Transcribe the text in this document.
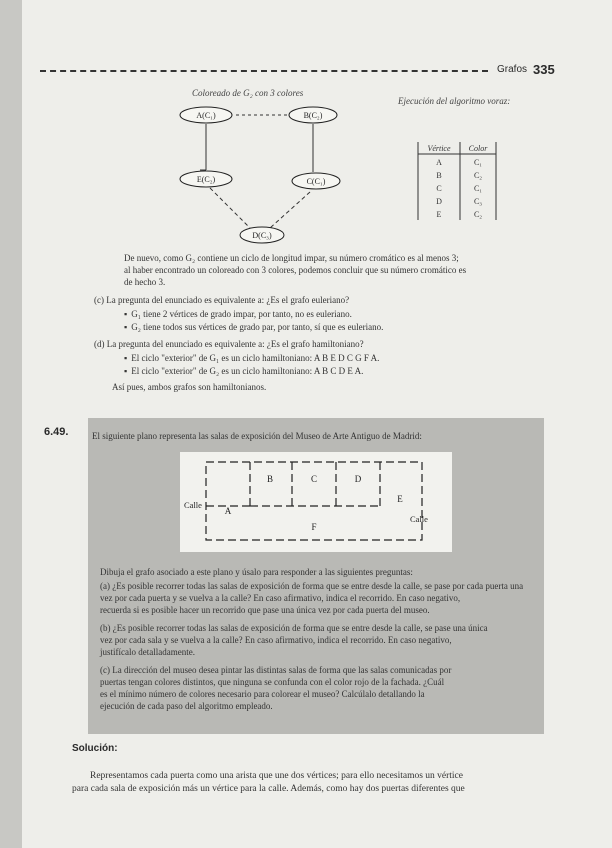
Grafos 335
Coloreado de G₂ con 3 colores
Ejecución del algoritmo voraz:
A(C₁)	B(C₂)
E(C₂)	C(C₁)
D(C₃)
Vértice Color
A	C₁
B	C₂
C	C₁
D	C₃
E	C₂
De nuevo, como G₂ contiene un ciclo de longitud impar, su número cromático es al menos 3;
al haber encontrado un coloreado con 3 colores, podemos concluir que su número cromático es
de hecho 3.
(c) La pregunta del enunciado es equivalente a: ¿Es el grafo euleriano?
▪ G₁ tiene 2 vértices de grado impar, por tanto, no es euleriano.
▪ G₂ tiene todos sus vértices de grado par, por tanto, sí que es euleriano.
(d) La pregunta del enunciado es equivalente a: ¿Es el grafo hamiltoniano?
▪ El ciclo "exterior" de G₁ es un ciclo hamiltoniano: A B E D C G F A.
▪ El ciclo "exterior" de G₂ es un ciclo hamiltoniano: A B C D E A.
Así pues, ambos grafos son hamiltonianos.
6.49.	El siguiente plano representa las salas de exposición del Museo de Arte Antiguo de Madrid:
A
B	C	D
E
F
Calle
Calle
Dibuja el grafo asociado a este plano y úsalo para responder a las siguientes preguntas:
(a) ¿Es posible recorrer todas las salas de exposición de forma que se entre desde la calle, se pase por cada puerta una
vez por cada puerta y se vuelva a la calle? En caso afirmativo, indica el recorrido. En caso negativo,
recuerda si es posible hacer un recorrido que pase una única vez por cada puerta del museo.
(b) ¿Es posible recorrer todas las salas de exposición de forma que se entre desde la calle, se pase una única
vez por cada sala y se vuelva a la calle? En caso afirmativo, indica el recorrido. En caso negativo,
justifícalo detalladamente.
(c) La dirección del museo desea pintar las distintas salas de forma que las salas comunicadas por
puertas tengan colores distintos, que ninguna se confunda con el color rojo de la fachada. ¿Cuál
es el mínimo número de colores necesario para colorear el museo? Calcúlalo detallando la
ejecución de cada paso del algoritmo empleado.
Solución:
Representamos cada puerta como una arista que une dos vértices; para ello necesitamos un vértice
para cada sala de exposición más un vértice para la calle. Además, como hay dos puertas diferentes que
